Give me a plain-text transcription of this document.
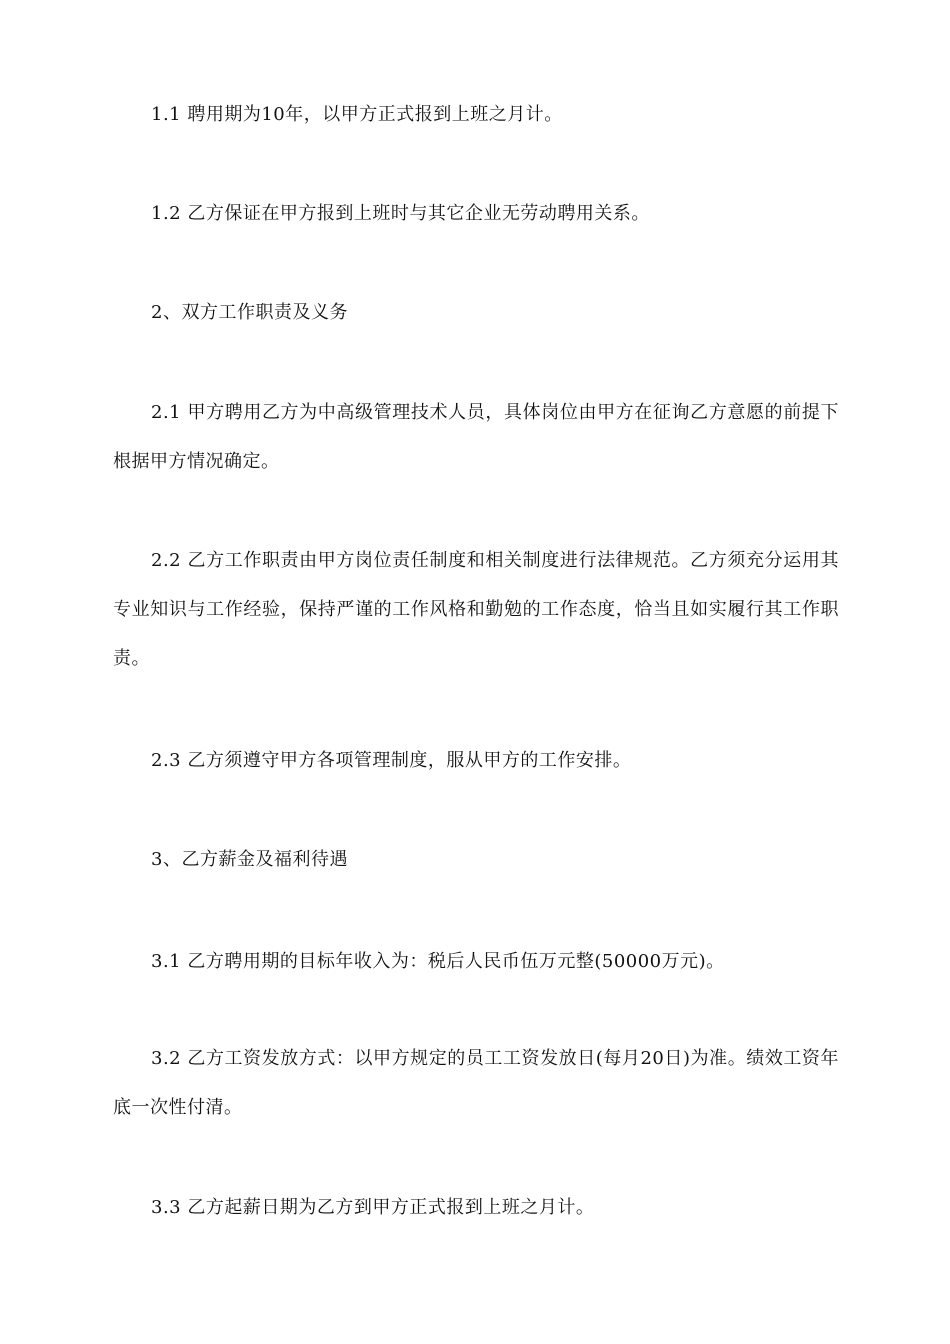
1.1 聘用期为10年，以甲方正式报到上班之月计。

1.2 乙方保证在甲方报到上班时与其它企业无劳动聘用关系。

2、双方工作职责及义务

2.1 甲方聘用乙方为中高级管理技术人员，具体岗位由甲方在征询乙方意愿的前提下根据甲方情况确定。

2.2 乙方工作职责由甲方岗位责任制度和相关制度进行法律规范。乙方须充分运用其专业知识与工作经验，保持严谨的工作风格和勤勉的工作态度，恰当且如实履行其工作职责。

2.3 乙方须遵守甲方各项管理制度，服从甲方的工作安排。

3、乙方薪金及福利待遇

3.1 乙方聘用期的目标年收入为：税后人民币伍万元整(50000万元)。

3.2 乙方工资发放方式：以甲方规定的员工工资发放日(每月20日)为准。绩效工资年底一次性付清。

3.3 乙方起薪日期为乙方到甲方正式报到上班之月计。
